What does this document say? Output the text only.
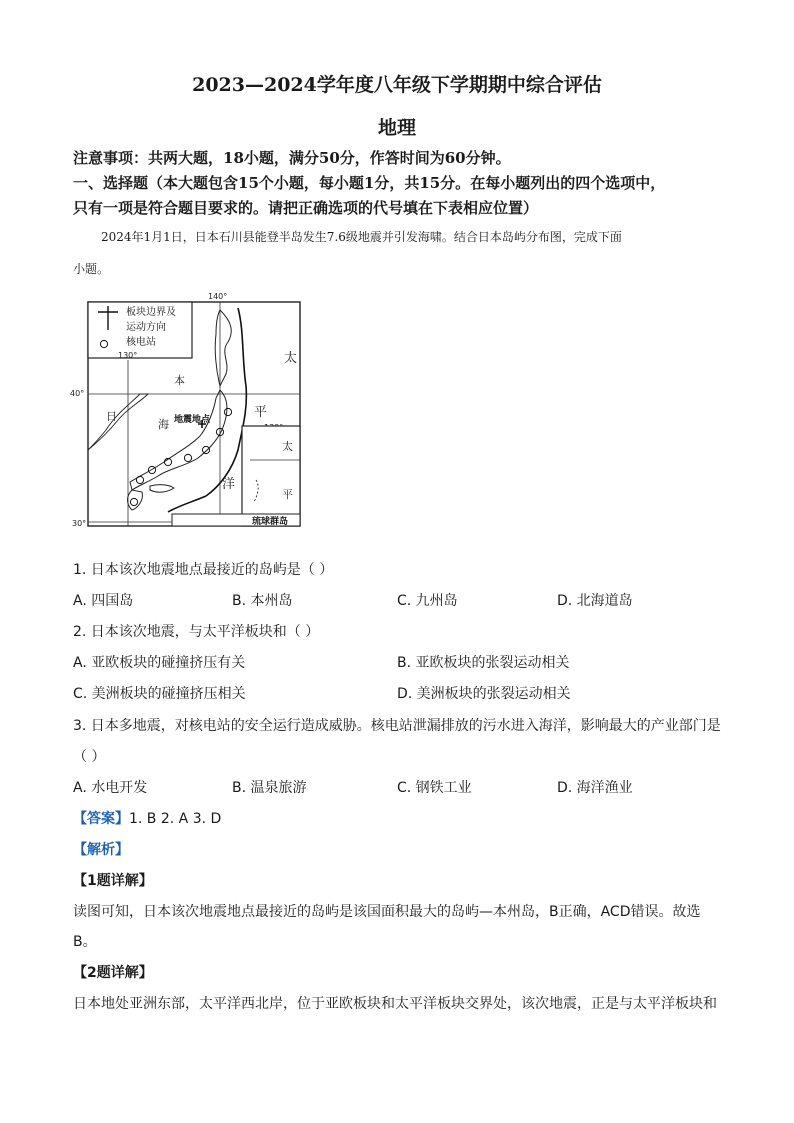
2023—2024学年度八年级下学期期中综合评估
地理
注意事项：共两大题，18小题，满分50分，作答时间为60分钟。
一、选择题（本大题包含15个小题，每小题1分，共15分。在每小题列出的四个选项中，
只有一项是符合题目要求的。请把正确选项的代号填在下表相应位置）
2024年1月1日，日本石川县能登半岛发生7.6级地震并引发海啸。结合日本岛屿分布图，完成下面
小题。
板块边界及
运动方向
核电站
140°
130°
40°
30°
日
本
海 地震地点
太
平
洋
太
平
琉球群岛
1. 日本该次地震地点最接近的岛屿是（ ）
A. 四国岛	B. 本州岛	C. 九州岛	D. 北海道岛
2. 日本该次地震，与太平洋板块和（ ）
A. 亚欧板块的碰撞挤压有关	B. 亚欧板块的张裂运动相关
C. 美洲板块的碰撞挤压相关	D. 美洲板块的张裂运动相关
3. 日本多地震，对核电站的安全运行造成威胁。核电站泄漏排放的污水进入海洋，影响最大的产业部门是
（ ）
A. 水电开发	B. 温泉旅游	C. 钢铁工业	D. 海洋渔业
【答案】1. B 2. A 3. D
【解析】
【1题详解】
读图可知，日本该次地震地点最接近的岛屿是该国面积最大的岛屿—本州岛，B正确，ACD错误。故选
B。
【2题详解】
日本地处亚洲东部，太平洋西北岸，位于亚欧板块和太平洋板块交界处，该次地震，正是与太平洋板块和
